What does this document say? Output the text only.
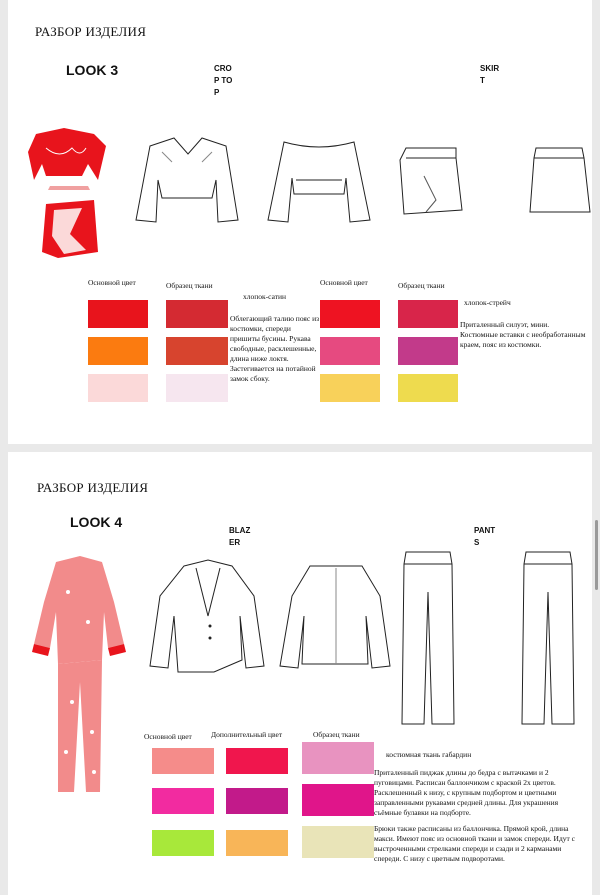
РАЗБОР ИЗДЕЛИЯ
LOOK 3	CROP TOP
SKIRT
Основной цвет	Образец ткани
хлопок-сатин
Основной цвет	Образец ткани
хлопок-стрейч
Облегающий талию пояс из костюмки, спереди пришиты бусины. Рукава свободные, расклешенные, длина ниже локтя. Застегивается на потайной замок сбоку.
Приталенный силуэт, мини. Костюмные вставки с необработанным краем, пояс из костюмки.
РАЗБОР ИЗДЕЛИЯ
LOOK 4
BLAZER
PANTS
Основной цвет	Дополнительный цвет	Образец ткани
костюмная ткань габардин
Приталенный пиджак длины до бедра с вытачками и 2 пуговицами. Расписан баллончиком с краской 2х цветов. Расклешенный к низу, с крупным подбортом и цветными заправленными рукавами средней длины. Для украшения съёмные булавки на подборте.
Брюки также расписаны из баллончика. Прямой крой, длина макси. Имеют пояс из основной ткани и замок спереди. Идут с выстроченными стрелками спереди и сзади и 2 карманами спереди. С низу с цветным подворотами.
